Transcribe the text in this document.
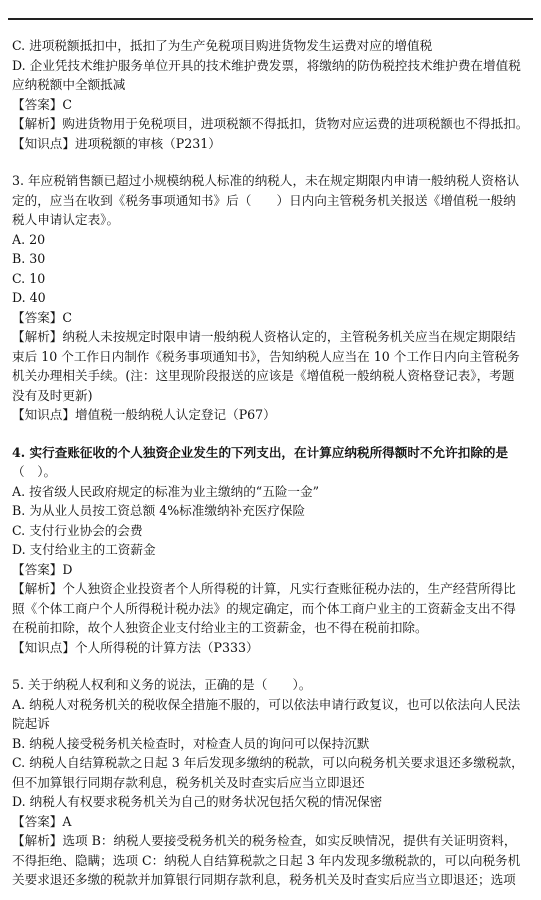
C. 进项税额抵扣中，抵扣了为生产免税项目购进货物发生运费对应的增值税
D. 企业凭技术维护服务单位开具的技术维护费发票，将缴纳的防伪税控技术维护费在增值税
应纳税额中全额抵减
【答案】C
【解析】购进货物用于免税项目，进项税额不得抵扣，货物对应运费的进项税额也不得抵扣。
【知识点】进项税额的审核（P231）
3. 年应税销售额已超过小规模纳税人标准的纳税人，未在规定期限内申请一般纳税人资格认
定的，应当在收到《税务事项通知书》后（　　）日内向主管税务机关报送《增值税一般纳
税人申请认定表》。
A. 20
B. 30
C. 10
D. 40
【答案】C
【解析】纳税人未按规定时限申请一般纳税人资格认定的，主管税务机关应当在规定期限结
束后 10 个工作日内制作《税务事项通知书》，告知纳税人应当在 10 个工作日内向主管税务
机关办理相关手续。(注：这里现阶段报送的应该是《增值税一般纳税人资格登记表》，考题
没有及时更新)
【知识点】增值税一般纳税人认定登记（P67）
4. 实行查账征收的个人独资企业发生的下列支出，在计算应纳税所得额时不允许扣除的是
（　）。
A. 按省级人民政府规定的标准为业主缴纳的“五险一金”
B. 为从业人员按工资总额 4%标准缴纳补充医疗保险
C. 支付行业协会的会费
D. 支付给业主的工资薪金
【答案】D
【解析】个人独资企业投资者个人所得税的计算，凡实行查账征税办法的，生产经营所得比
照《个体工商户个人所得税计税办法》的规定确定，而个体工商户业主的工资薪金支出不得
在税前扣除，故个人独资企业支付给业主的工资薪金，也不得在税前扣除。
【知识点】个人所得税的计算方法（P333）
5. 关于纳税人权利和义务的说法，正确的是（　　）。
A. 纳税人对税务机关的税收保全措施不服的，可以依法申请行政复议，也可以依法向人民法
院起诉
B. 纳税人接受税务机关检查时，对检查人员的询问可以保持沉默
C. 纳税人自结算税款之日起 3 年后发现多缴纳的税款，可以向税务机关要求退还多缴税款，
但不加算银行同期存款利息，税务机关及时查实后应当立即退还
D. 纳税人有权要求税务机关为自己的财务状况包括欠税的情况保密
【答案】A
【解析】选项 B：纳税人要接受税务机关的税务检查，如实反映情况，提供有关证明资料，
不得拒绝、隐瞒；选项 C：纳税人自结算税款之日起 3 年内发现多缴税款的，可以向税务机
关要求退还多缴的税款并加算银行同期存款利息，税务机关及时查实后应当立即退还；选项
